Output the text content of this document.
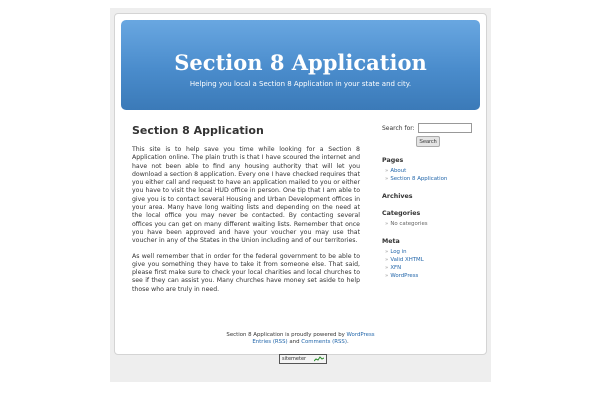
Section 8 Application
Helping you local a Section 8 Application in your state and city.
Section 8 Application

This site is to help save you time while looking for a Section 8 Application online. The plain truth is that I have scoured the internet and have not been able to find any housing authority that will let you download a section 8 application. Every one I have checked requires that you either call and request to have an application mailed to you or either you have to visit the local HUD office in person. One tip that I am able to give you is to contact several Housing and Urban Development offices in your area. Many have long waiting lists and depending on the need at the local office you may never be contacted. By contacting several offices you can get on many different waiting lists. Remember that once you have been approved and have your voucher you may use that voucher in any of the States in the Union including and of our territories.

As well remember that in order for the federal government to be able to give you something they have to take it from someone else. That said, please first make sure to check your local charities and local churches to see if they can assist you. Many churches have money set aside to help those who are truly in need.

Search for:
Search
Pages
» About
» Section 8 Application
Archives
Categories
» No categories
Meta
» Log in
» Valid XHTML
» XFN
» WordPress
Section 8 Application is proudly powered by WordPress
Entries (RSS) and Comments (RSS).
sitemeter
